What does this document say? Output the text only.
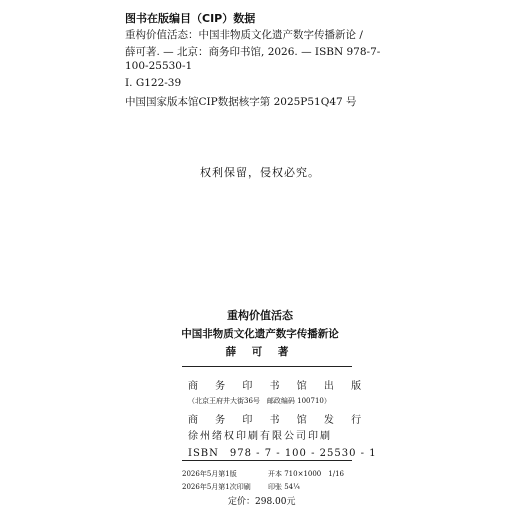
图书在版编目（CIP）数据
重构价值活态：中国非物质文化遗产数字传播新论 /
薛可著. — 北京：商务印书馆, 2026. — ISBN 978-7-
100-25530-1
Ⅰ. G122-39
中国国家版本馆CIP数据核字第 2025P51Q47 号
权利保留，侵权必究。
重构价值活态
中国非物质文化遗产数字传播新论
薛 可 著
商 务 印 书 馆 出 版
（北京王府井大街36号　邮政编码 100710）
商 务 印 书 馆 发 行
徐州绪权印刷有限公司印刷
ISBN　978 - 7 - 100 - 25530 - 1
2026年5月第1版	开本 710×1000　1/16
2026年5月第1次印刷 印张 54¼
定价：298.00元
